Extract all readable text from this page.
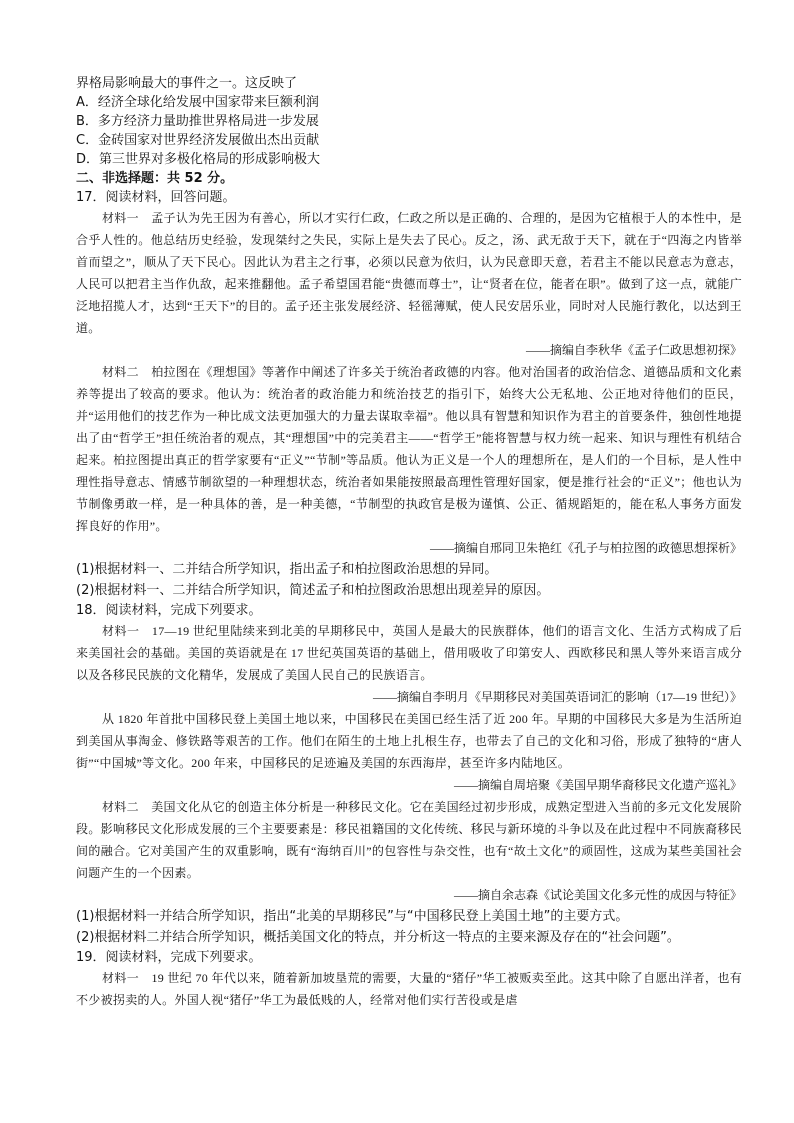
界格局影响最大的事件之一。这反映了
A．经济全球化给发展中国家带来巨额利润
B．多方经济力量助推世界格局进一步发展
C．金砖国家对世界经济发展做出杰出贡献
D．第三世界对多极化格局的形成影响极大
二、非选择题：共 52 分。
17．阅读材料，回答问题。

材料一　孟子认为先王因为有善心，所以才实行仁政，仁政之所以是正确的、合理的，是因为它植根于人的本性中，是合乎人性的。他总结历史经验，发现桀纣之失民，实际上是失去了民心。反之，汤、武无敌于天下，就在于“四海之内皆举首而望之”，顺从了天下民心。因此认为君主之行事，必须以民意为依归，认为民意即天意，若君主不能以民意志为意志，人民可以把君主当作仇敌，起来推翻他。孟子希望国君能“贵德而尊士”，让“贤者在位，能者在职”。做到了这一点，就能广泛地招揽人才，达到“王天下”的目的。孟子还主张发展经济、轻徭薄赋，使人民安居乐业，同时对人民施行教化，以达到王道。

——摘编自李秋华《孟子仁政思想初探》

材料二　柏拉图在《理想国》等著作中阐述了许多关于统治者政德的内容。他对治国者的政治信念、道德品质和文化素养等提出了较高的要求。他认为：统治者的政治能力和统治技艺的指引下，始终大公无私地、公正地对待他们的臣民，并“运用他们的技艺作为一种比成文法更加强大的力量去谋取幸福”。他以具有智慧和知识作为君主的首要条件，独创性地提出了由“哲学王”担任统治者的观点，其“理想国”中的完美君主——“哲学王”能将智慧与权力统一起来、知识与理性有机结合起来。柏拉图提出真正的哲学家要有“正义”“节制”等品质。他认为正义是一个人的理想所在，是人们的一个目标，是人性中理性指导意志、情感节制欲望的一种理想状态，统治者如果能按照最高理性管理好国家，便是推行社会的“正义”；他也认为节制像勇敢一样，是一种具体的善，是一种美德，“节制型的执政官是极为谨慎、公正、循规蹈矩的，能在私人事务方面发挥良好的作用”。

——摘编自邢同卫朱艳红《孔子与柏拉图的政德思想探析》

(1)根据材料一、二并结合所学知识，指出孟子和柏拉图政治思想的异同。

(2)根据材料一、二并结合所学知识，简述孟子和柏拉图政治思想出现差异的原因。

18．阅读材料，完成下列要求。

材料一　17—19 世纪里陆续来到北美的早期移民中，英国人是最大的民族群体，他们的语言文化、生活方式构成了后来美国社会的基础。美国的英语就是在 17 世纪英国英语的基础上，借用吸收了印第安人、西欧移民和黑人等外来语言成分以及各移民民族的文化精华，发展成了美国人民自己的民族语言。

——摘编自李明月《早期移民对美国英语词汇的影响（17—19 世纪）》

从 1820 年首批中国移民登上美国土地以来，中国移民在美国已经生活了近 200 年。早期的中国移民大多是为生活所迫到美国从事淘金、修铁路等艰苦的工作。他们在陌生的土地上扎根生存，也带去了自己的文化和习俗，形成了独特的“唐人街”“中国城”等文化。200 年来，中国移民的足迹遍及美国的东西海岸，甚至许多内陆地区。

——摘编自周培聚《美国早期华裔移民文化遗产巡礼》

材料二　美国文化从它的创造主体分析是一种移民文化。它在美国经过初步形成，成熟定型进入当前的多元文化发展阶段。影响移民文化形成发展的三个主要要素是：移民祖籍国的文化传统、移民与新环境的斗争以及在此过程中不同族裔移民间的融合。它对美国产生的双重影响，既有“海纳百川”的包容性与杂交性，也有“故土文化”的顽固性，这成为某些美国社会问题产生的一个因素。

——摘自余志森《试论美国文化多元性的成因与特征》

(1)根据材料一并结合所学知识，指出“北美的早期移民”与“中国移民登上美国土地”的主要方式。

(2)根据材料二并结合所学知识，概括美国文化的特点，并分析这一特点的主要来源及存在的“社会问题”。

19．阅读材料，完成下列要求。

材料一　19 世纪 70 年代以来，随着新加坡垦荒的需要，大量的“猪仔”华工被贩卖至此。这其中除了自愿出洋者，也有不少被拐卖的人。外国人视“猪仔”华工为最低贱的人，经常对他们实行苦役或是虐
